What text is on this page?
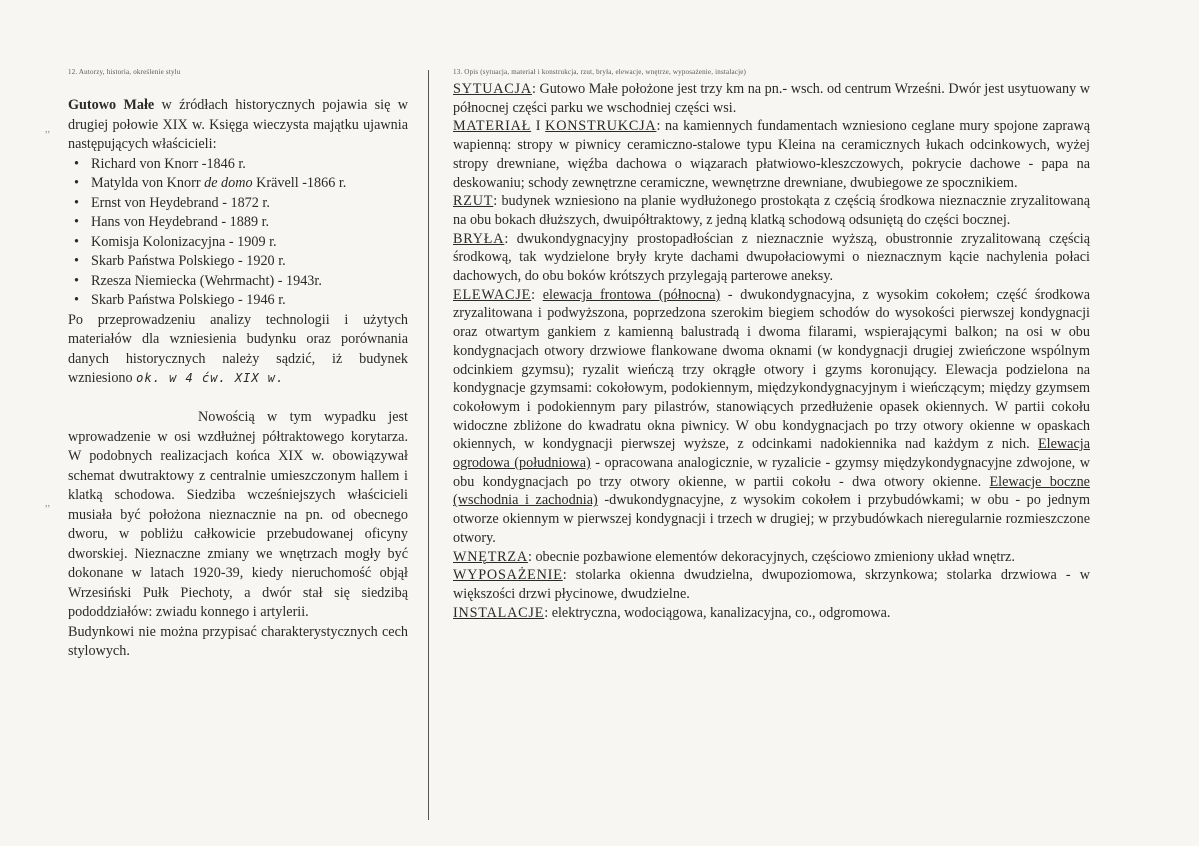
,,
,,
12. Autorzy, historia, określenie stylu

Gutowo Małe w źródłach historycznych pojawia się w drugiej połowie XIX w. Księga wieczysta majątku ujawnia następujących właścicieli:

• Richard von Knorr -1846 r.
• Matylda von Knorr de domo Krävell -1866 r.
• Ernst von Heydebrand - 1872 r.
• Hans von Heydebrand - 1889 r.
• Komisja Kolonizacyjna - 1909 r.
• Skarb Państwa Polskiego - 1920 r.
• Rzesza Niemiecka (Wehrmacht) - 1943r.
• Skarb Państwa Polskiego - 1946 r.

Po przeprowadzeniu analizy technologii i użytych materiałów dla wzniesienia budynku oraz porównania danych historycznych należy sądzić, iż budynek wzniesiono ok. w 4 ćw. XIX w.

Nowością w tym wypadku jest wprowadzenie w osi wzdłużnej półtraktowego korytarza. W podobnych realizacjach końca XIX w. obowiązywał schemat dwutraktowy z centralnie umieszczonym hallem i klatką schodowa. Siedziba wcześniejszych właścicieli musiała być położona nieznacznie na pn. od obecnego dworu, w pobliżu całkowicie przebudowanej oficyny dworskiej. Nieznaczne zmiany we wnętrzach mogły być dokonane w latach 1920-39, kiedy nieruchomość objął Wrzesiński Pułk Piechoty, a dwór stał się siedzibą pododdziałów: zwiadu konnego i artylerii.

Budynkowi nie można przypisać charakterystycznych cech stylowych.

13. Opis (sytuacja, materiał i konstrukcja, rzut, bryła, elewacje, wnętrze, wyposażenie, instalacje)

SYTUACJA: Gutowo Małe położone jest trzy km na pn.- wsch. od centrum Wrześni. Dwór jest usytuowany w północnej części parku we wschodniej części wsi.

MATERIAŁ I KONSTRUKCJA: na kamiennych fundamentach wzniesiono ceglane mury spojone zaprawą wapienną: stropy w piwnicy ceramiczno-stalowe typu Kleina na ceramicznych łukach odcinkowych, wyżej stropy drewniane, więźba dachowa o wiązarach płatwiowo-kleszczowych, pokrycie dachowe - papa na deskowaniu; schody zewnętrzne ceramiczne, wewnętrzne drewniane, dwubiegowe ze spocznikiem.

RZUT: budynek wzniesiono na planie wydłużonego prostokąta z częścią środkowa nieznacznie zryzalitowaną na obu bokach dłuższych, dwuipółtraktowy, z jedną klatką schodową odsuniętą do części bocznej.

BRYŁA: dwukondygnacyjny prostopadłościan z nieznacznie wyższą, obustronnie zryzalitowaną częścią środkową, tak wydzielone bryły kryte dachami dwupołaciowymi o nieznacznym kącie nachylenia połaci dachowych, do obu boków krótszych przylegają parterowe aneksy.

ELEWACJE: elewacja frontowa (północna) - dwukondygnacyjna, z wysokim cokołem; część środkowa zryzalitowana i podwyższona, poprzedzona szerokim biegiem schodów do wysokości pierwszej kondygnacji oraz otwartym gankiem z kamienną balustradą i dwoma filarami, wspierającymi balkon; na osi w obu kondygnacjach otwory drzwiowe flankowane dwoma oknami (w kondygnacji drugiej zwieńczone wspólnym odcinkiem gzymsu); ryzalit wieńczą trzy okrągłe otwory i gzyms koronujący. Elewacja podzielona na kondygnacje gzymsami: cokołowym, podokiennym, międzykondygnacyjnym i wieńczącym; między gzymsem cokołowym i podokiennym pary pilastrów, stanowiących przedłużenie opasek okiennych. W partii cokołu widoczne zbliżone do kwadratu okna piwnicy. W obu kondygnacjach po trzy otwory okienne w opaskach okiennych, w kondygnacji pierwszej wyższe, z odcinkami nadokiennika nad każdym z nich. Elewacja ogrodowa (południowa) - opracowana analogicznie, w ryzalicie - gzymsy międzykondygnacyjne zdwojone, w obu kondygnacjach po trzy otwory okienne, w partii cokołu - dwa otwory okienne. Elewacje boczne (wschodnia i zachodnia) -dwukondygnacyjne, z wysokim cokołem i przybudówkami; w obu - po jednym otworze okiennym w pierwszej kondygnacji i trzech w drugiej; w przybudówkach nieregularnie rozmieszczone otwory.

WNĘTRZA: obecnie pozbawione elementów dekoracyjnych, częściowo zmieniony układ wnętrz.

WYPOSAŻENIE: stolarka okienna dwudzielna, dwupoziomowa, skrzynkowa; stolarka drzwiowa - w większości drzwi płycinowe, dwudzielne.

INSTALACJE: elektryczna, wodociągowa, kanalizacyjna, co., odgromowa.
